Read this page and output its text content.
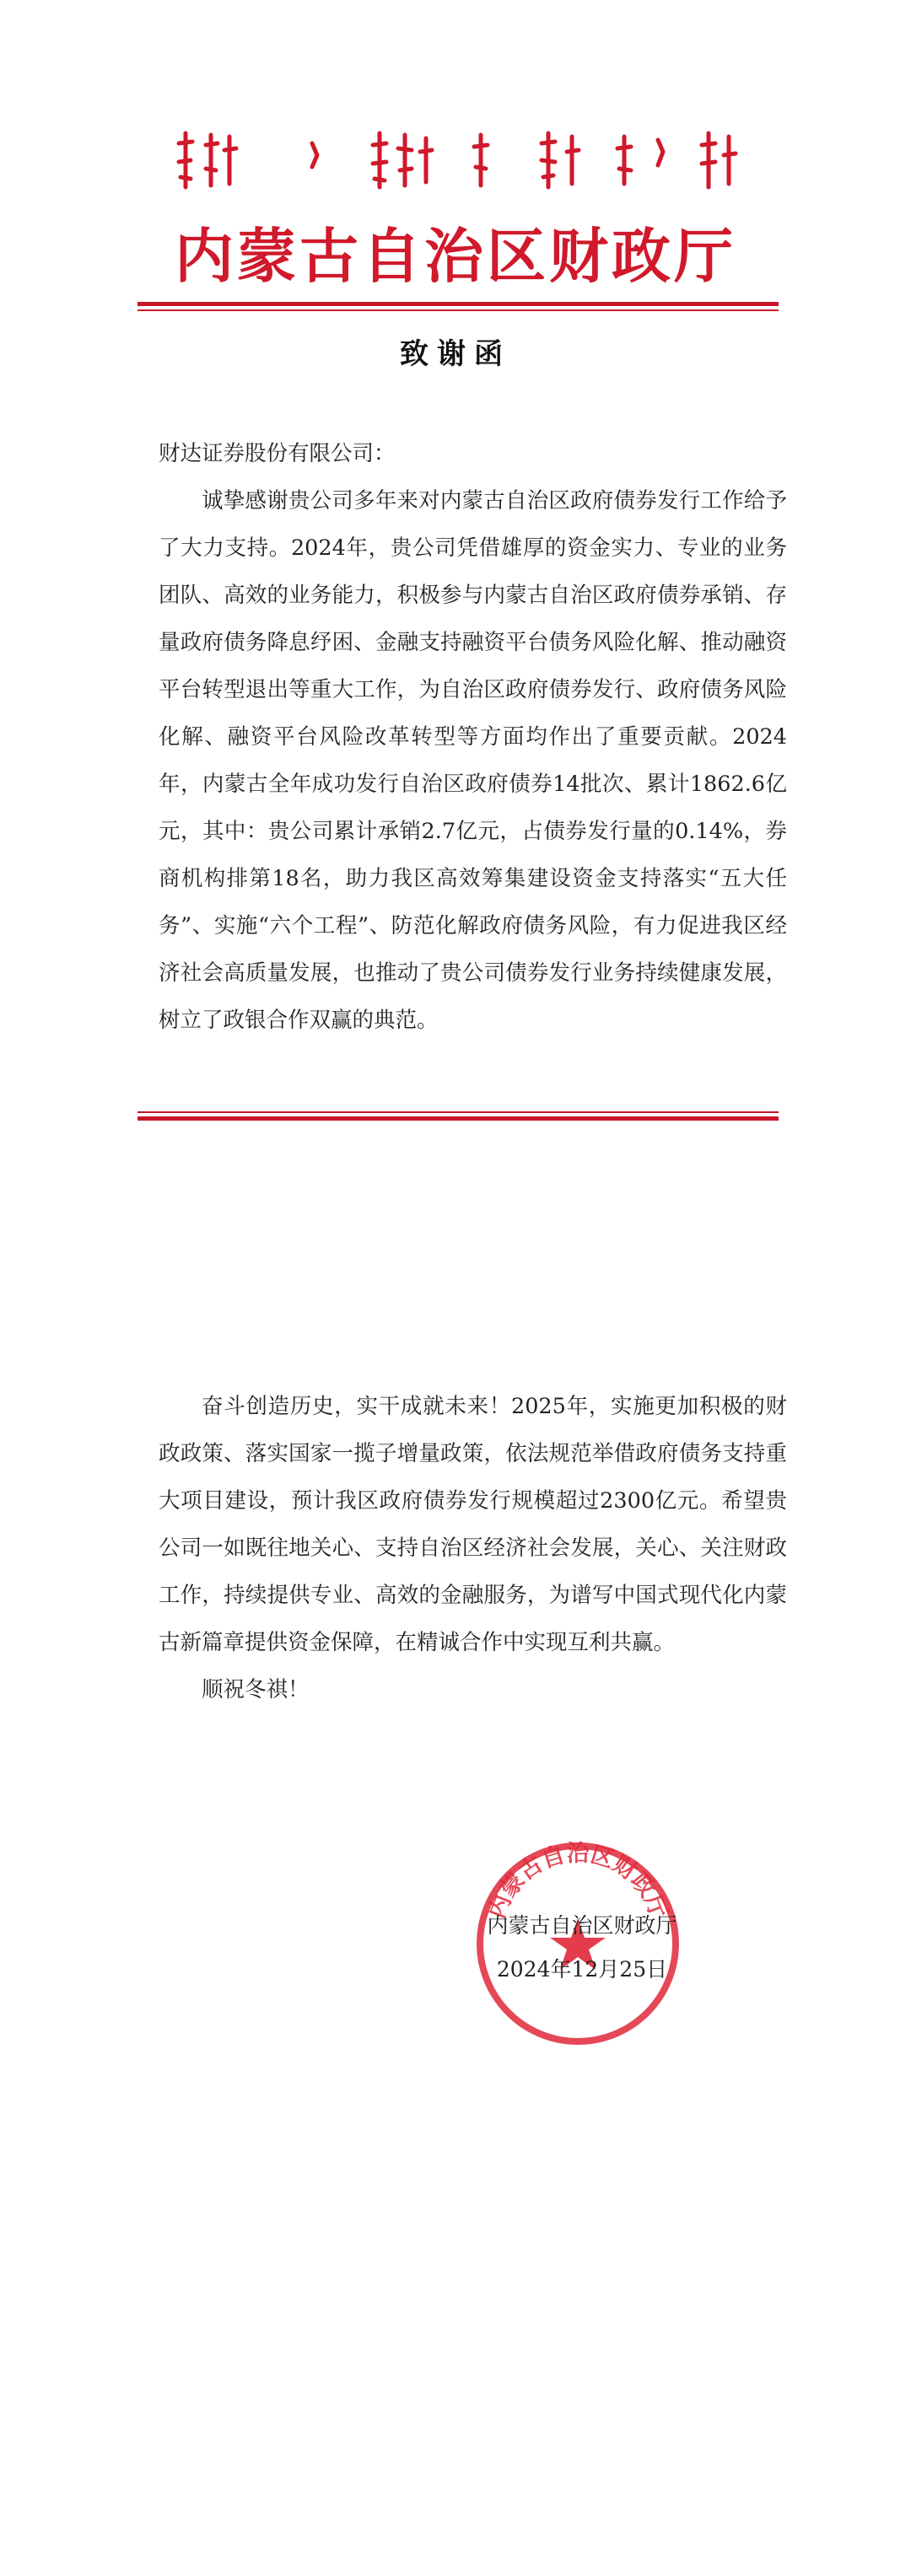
内蒙古自治区财政厅
致谢函

财达证券股份有限公司：

诚挚感谢贵公司多年来对内蒙古自治区政府债券发行工作给予了大力支持。2024年，贵公司凭借雄厚的资金实力、专业的业务团队、高效的业务能力，积极参与内蒙古自治区政府债券承销、存量政府债务降息纾困、金融支持融资平台债务风险化解、推动融资平台转型退出等重大工作，为自治区政府债券发行、政府债务风险化解、融资平台风险改革转型等方面均作出了重要贡献。2024年，内蒙古全年成功发行自治区政府债券14批次、累计1862.6亿元，其中：贵公司累计承销2.7亿元，占债券发行量的0.14%，券商机构排第18名，助力我区高效筹集建设资金支持落实“五大任务”、实施“六个工程”、防范化解政府债务风险，有力促进我区经济社会高质量发展，也推动了贵公司债券发行业务持续健康发展，树立了政银合作双赢的典范。

奋斗创造历史，实干成就未来！2025年，实施更加积极的财政政策、落实国家一揽子增量政策，依法规范举借政府债务支持重大项目建设，预计我区政府债券发行规模超过2300亿元。希望贵公司一如既往地关心、支持自治区经济社会发展，关心、关注财政工作，持续提供专业、高效的金融服务，为谱写中国式现代化内蒙古新篇章提供资金保障，在精诚合作中实现互利共赢。

顺祝冬祺！

内蒙古自治区财政厅
内蒙古自治区财政厅
2024年12月25日
